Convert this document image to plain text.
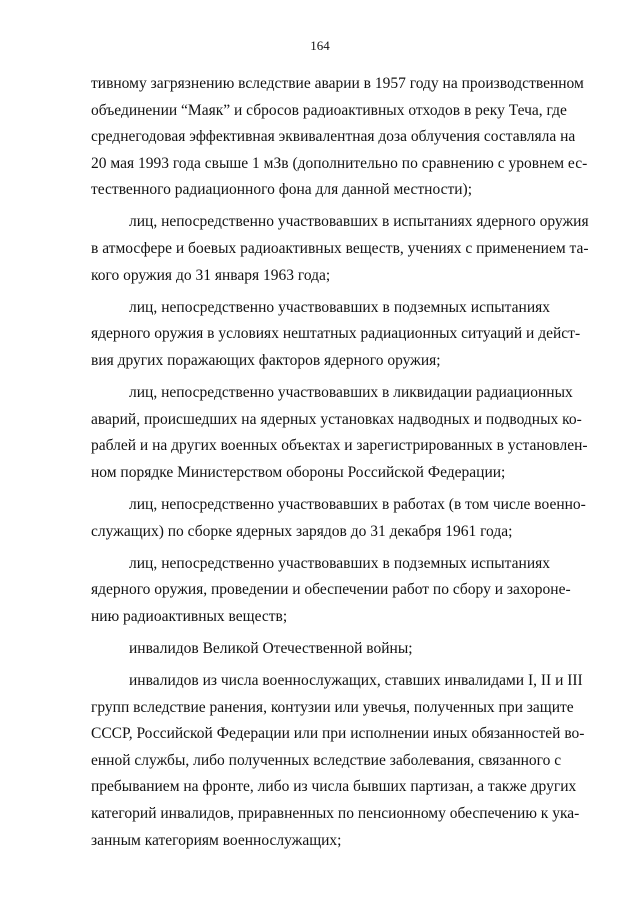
164
тивному загрязнению вследствие аварии в 1957 году на производственном
объединении “Маяк” и сбросов радиоактивных отходов в реку Теча, где
среднегодовая эффективная эквивалентная доза облучения составляла на
20 мая 1993 года свыше 1 мЗв (дополнительно по сравнению с уровнем ес-
тественного радиационного фона для данной местности);
лиц, непосредственно участвовавших в испытаниях ядерного оружия
в атмосфере и боевых радиоактивных веществ, учениях с применением та-
кого оружия до 31 января 1963 года;
лиц, непосредственно участвовавших в подземных испытаниях
ядерного оружия в условиях нештатных радиационных ситуаций и дейст-
вия других поражающих факторов ядерного оружия;
лиц, непосредственно участвовавших в ликвидации радиационных
аварий, происшедших на ядерных установках надводных и подводных ко-
раблей и на других военных объектах и зарегистрированных в установлен-
ном порядке Министерством обороны Российской Федерации;
лиц, непосредственно участвовавших в работах (в том числе военно-
служащих) по сборке ядерных зарядов до 31 декабря 1961 года;
лиц, непосредственно участвовавших в подземных испытаниях
ядерного оружия, проведении и обеспечении работ по сбору и захороне-
нию радиоактивных веществ;
инвалидов Великой Отечественной войны;
инвалидов из числа военнослужащих, ставших инвалидами I, II и III
групп вследствие ранения, контузии или увечья, полученных при защите
СССР, Российской Федерации или при исполнении иных обязанностей во-
енной службы, либо полученных вследствие заболевания, связанного с
пребыванием на фронте, либо из числа бывших партизан, а также других
категорий инвалидов, приравненных по пенсионному обеспечению к ука-
занным категориям военнослужащих;
